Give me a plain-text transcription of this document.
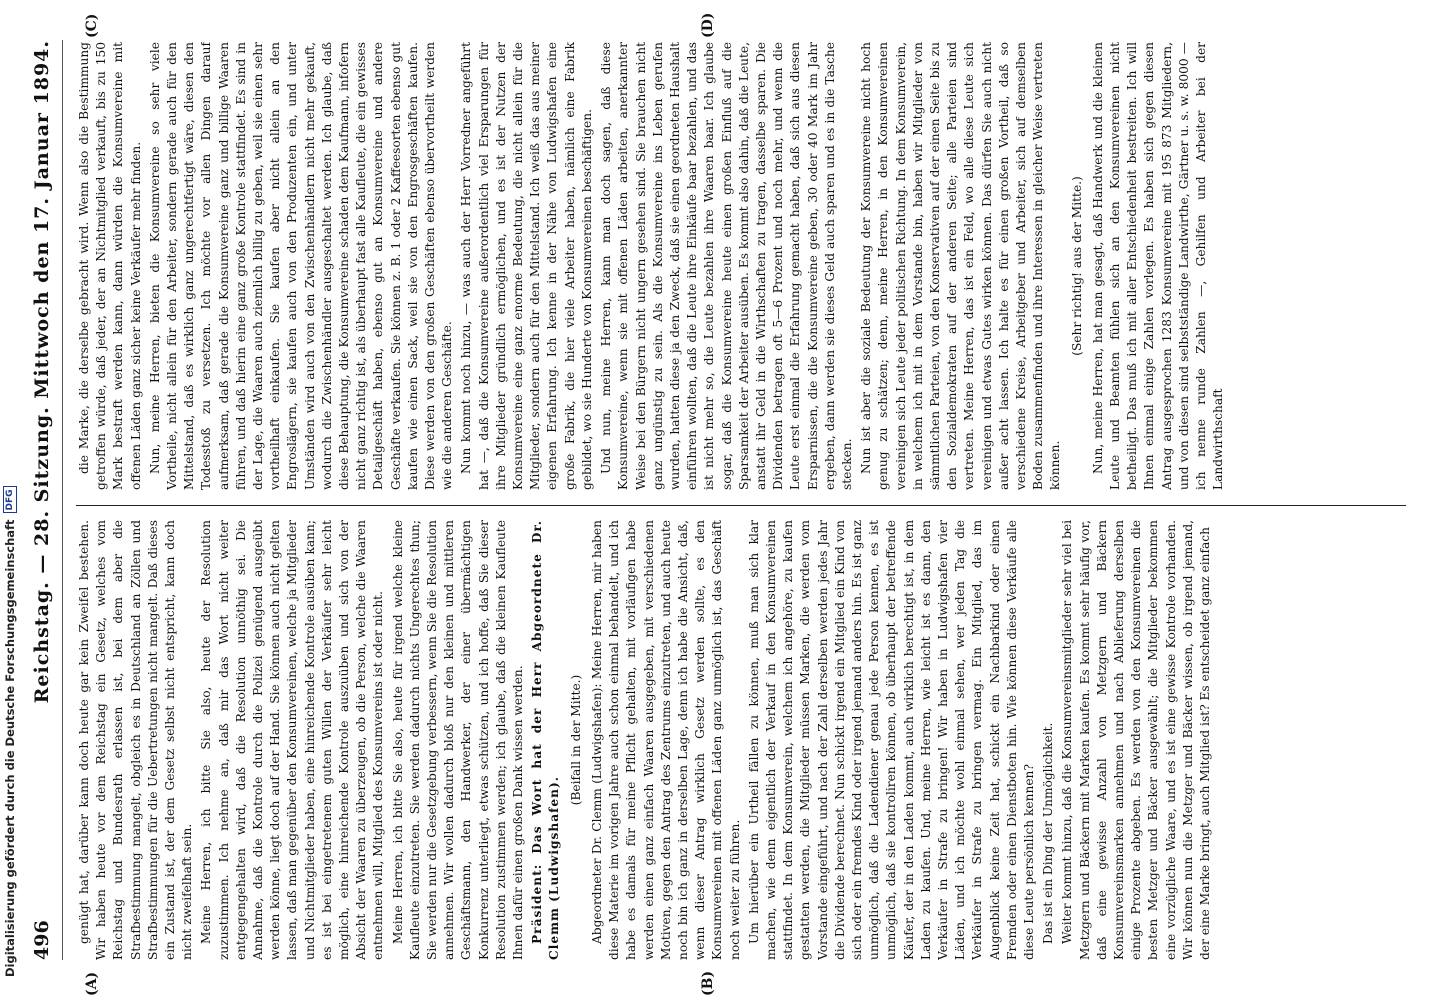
496
Reichstag. — 28. Sitzung. Mittwoch den 17. Januar 1894.
(A)
(C)
(B)
(D)

genügt hat, darüber kann doch heute gar kein Zweifel bestehen. Wir haben heute vor dem Reichstag ein Gesetz, welches vom Reichstag und Bundesrath erlassen ist, bei dem aber die Strafbestimmung mangelt, obgleich es in Deutschland an Zöllen und Strafbestimmungen für die Uebertretungen nicht mangelt. Daß dieses ein Zustand ist, der dem Gesetz selbst nicht entspricht, kann doch nicht zweifelhaft sein. Meine Herren, ich bitte Sie also, heute der Resolution zuzustimmen. Ich nehme an, daß mir das Wort nicht weiter entgegengehalten wird, daß die Resolution unnöthig sei. Die Annahme, daß die Kontrole durch die Polizei genügend ausgeübt werden könne, liegt doch auf der Hand. Sie können auch nicht gelten lassen, daß man gegenüber den Konsumvereinen, welche ja Mitglieder und Nichtmitglieder haben, eine hinreichende Kontrole ausüben kann; es ist bei eingetretenem guten Willen der Verkäufer sehr leicht möglich, eine hinreichende Kontrole auszuüben und sich von der Absicht der Waaren zu überzeugen, ob die Person, welche die Waaren entnehmen will, Mitglied des Konsumvereins ist oder nicht. Meine Herren, ich bitte Sie also, heute für irgend welche kleine Kaufleute einzutreten. Sie werden dadurch nichts Ungerechtes thun; Sie werden nur die Gesetzgebung verbessern, wenn Sie die Resolution annehmen. Wir wollen dadurch bloß nur den kleinen und mittleren Geschäftsmann, den Handwerker, der einer übermächtigen Konkurrenz unterliegt, etwas schützen, und ich hoffe, daß Sie dieser Resolution zustimmen werden; ich glaube, daß die kleinen Kaufleute Ihnen dafür einen großen Dank wissen werden. Präsident: Das Wort hat der Herr Abgeordnete Dr. Clemm (Ludwigshafen).

(Beifall in der Mitte.) Abgeordneter Dr. Clemm (Ludwigshafen): Meine Herren, mir haben diese Materie im vorigen Jahre auch schon einmal behandelt, und ich habe es damals für meine Pflicht gehalten, mit vorläufigen habe werden einen ganz einfach Waaren ausgegeben, mit verschiedenen Motiven, gegen den Antrag des Zentrums einzutreten, und auch heute noch bin ich ganz in derselben Lage, denn ich habe die Ansicht, daß, wenn dieser Antrag wirklich Gesetz werden sollte, es den Konsumvereinen mit offenen Läden ganz unmöglich ist, das Geschäft noch weiter zu führen. Um hierüber ein Urtheil fällen zu können, muß man sich klar machen, wie denn eigentlich der Verkauf in den Konsumvereinen stattfindet. In dem Konsumverein, welchem ich angehöre, zu kaufen gestatten werden, die Mitglieder müssen Marken, die werden vom Vorstande eingeführt, und nach der Zahl derselben werden jedes Jahr die Dividende berechnet. Nun schickt irgend ein Mitglied ein Kind von sich oder ein fremdes Kind oder irgend jemand anders hin. Es ist ganz unmöglich, daß die Ladendiener genau jede Person kennen, es ist unmöglich, daß sie kontroliren können, ob überhaupt der betreffende Käufer, der in den Laden kommt, auch wirklich berechtigt ist, in dem Laden zu kaufen. Und, meine Herren, wie leicht ist es dann, den Verkäufer in Strafe zu bringen! Wir haben in Ludwigshafen vier Läden, und ich möchte wohl einmal sehen, wer jeden Tag die Verkäufer in Strafe zu bringen vermag. Ein Mitglied, das im Augenblick keine Zeit hat, schickt ein Nachbarkind oder einen Fremden oder einen Dienstboten hin. Wie können diese Verkäufe alle diese Leute persönlich kennen? Das ist ein Ding der Unmöglichkeit. Weiter kommt hinzu, daß die Konsumvereinsmitglieder sehr viel bei Metzgern und Bäckern mit Marken kaufen. Es kommt sehr häufig vor, daß eine gewisse Anzahl von Metzgern und Bäckern Konsumvereinsmarken annehmen und nach Ablieferung derselben einige Prozente abgeben. Es werden von den Konsumvereinen die besten Metzger und Bäcker ausgewählt; die Mitglieder bekommen eine vorzügliche Waare, und es ist eine gewisse Kontrole vorhanden. Wir können nun die Metzger und Bäcker wissen, ob irgend jemand, der eine Marke bringt, auch Mitglied ist? Es entscheidet ganz einfach

die Marke, die derselbe gebracht wird. Wenn also die Bestimmung getroffen würde, daß jeder, der an Nichtmitglied verkauft, bis zu 150 Mark bestraft werden kann, dann würden die Konsumvereine mit offenen Läden ganz sicher keine Verkäufer mehr finden. Nun, meine Herren, bieten die Konsumvereine so sehr viele Vortheile, nicht allein für den Arbeiter, sondern gerade auch für den Mittelstand, daß es wirklich ganz ungerechtfertigt wäre, diesen den Todesstoß zu versetzen. Ich möchte vor allen Dingen darauf aufmerksam, daß gerade die Konsumvereine ganz und billige Waaren führen, und daß hierin eine ganz große Kontrole stattfindet. Es sind in der Lage, die Waaren auch ziemlich billig zu geben, weil sie einen sehr vortheilhaft einkaufen. Sie kaufen aber nicht allein an den Engroslägern, sie kaufen auch von den Produzenten ein, und unter Umständen wird auch von den Zwischenhändlern nicht mehr gekauft, wodurch die Zwischenhändler ausgeschaltet werden. Ich glaube, daß diese Behauptung, die Konsumvereine schaden dem Kaufmann, infofern nicht ganz richtig ist, als überhaupt fast alle Kaufleute, die ein gewisses Detailgeschäft haben, ebenso gut an Konsumvereine und andere Geschäfte verkaufen. Sie können z. B. 1 oder 2 Kaffeesorten ebenso gut kaufen wie einen Sack, weil sie von den Engrosgeschäften kaufen. Diese werden von den großen Geschäften ebenso übervortheilt werden wie die anderen Geschäfte. Nun kommt noch hinzu, — was auch der Herr Vorredner angeführt hat —, daß die Konsumvereine außerordentlich viel Ersparungen für ihre Mitglieder gründlich ermöglichen, und es ist der Nutzen der Konsumvereine eine ganz enorme Bedeutung, die nicht allein für die Mitglieder, sondern auch für den Mittelstand. Ich weiß das aus meiner eigenen Erfahrung. Ich kenne in der Nähe von Ludwigshafen eine große Fabrik, die hier viele Arbeiter haben, nämlich eine Fabrik gebildet, wo sie Hunderte von Konsumvereinen beschäftigen. Und nun, meine Herren, kann man doch sagen, daß diese Konsumvereine, wenn sie mit offenen Läden arbeiten, anerkannter Weise bei den Bürgern nicht ungern gesehen sind. Sie brauchen nicht ganz ungünstig zu sein. Als die Konsumvereine ins Leben gerufen wurden, hatten diese ja den Zweck, daß sie einen geordneten Haushalt einführen wollten, daß die Leute ihre Einkäufe baar bezahlen, und das ist nicht mehr so, die Leute bezahlen ihre Waaren baar. Ich glaube sogar, daß die Konsumvereine heute einen großen Einfluß auf die Sparsamkeit der Arbeiter ausüben. Es kommt also dahin, daß die Leute, anstatt ihr Geld in die Wirthschaften zu tragen, dasselbe sparen. Die Dividenden betragen oft 5—6 Prozent und noch mehr, und wenn die Leute erst einmal die Erfahrung gemacht haben, daß sich aus diesen Ersparnissen, die die Konsumvereine geben, 30 oder 40 Mark im Jahr ergeben, dann werden sie dieses Geld auch sparen und es in die Tasche stecken. Nun ist aber die soziale Bedeutung der Konsumvereine nicht hoch genug zu schätzen; denn, meine Herren, in den Konsumvereinen vereinigen sich Leute jeder politischen Richtung. In dem Konsumverein, in welchem ich mit in dem Vorstande bin, haben wir Mitglieder von sämmtlichen Parteien, von den Konservativen auf der einen Seite bis zu den Sozialdemokraten auf der anderen Seite; alle Parteien sind vertreten. Meine Herren, das ist ein Feld, wo alle diese Leute sich vereinigen und etwas Gutes wirken können. Das dürfen Sie auch nicht außer acht lassen. Ich halte es für einen großen Vortheil, daß so verschiedene Kreise, Arbeitgeber und Arbeiter, sich auf demselben Boden zusammenfinden und ihre Interessen in gleicher Weise vertreten können.

(Sehr richtig! aus der Mitte.) Nun, meine Herren, hat man gesagt, daß Handwerk und die kleinen Leute und Beamten fühlen sich an den Konsumvereinen nicht betheiligt. Das muß ich mit aller Entschiedenheit bestreiten. Ich will Ihnen einmal einige Zahlen vorlegen. Es haben sich gegen diesen Antrag ausgesprochen 1283 Konsumvereine mit 195 873 Mitgliedern, und von diesen sind selbstständige Landwirthe, Gärtner u. s. w. 8000 — ich nenne runde Zahlen —, Gehilfen und Arbeiter bei der Landwirthschaft

Digitalisierung gefördert durch die Deutsche Forschungsgemeinschaft
DFG
